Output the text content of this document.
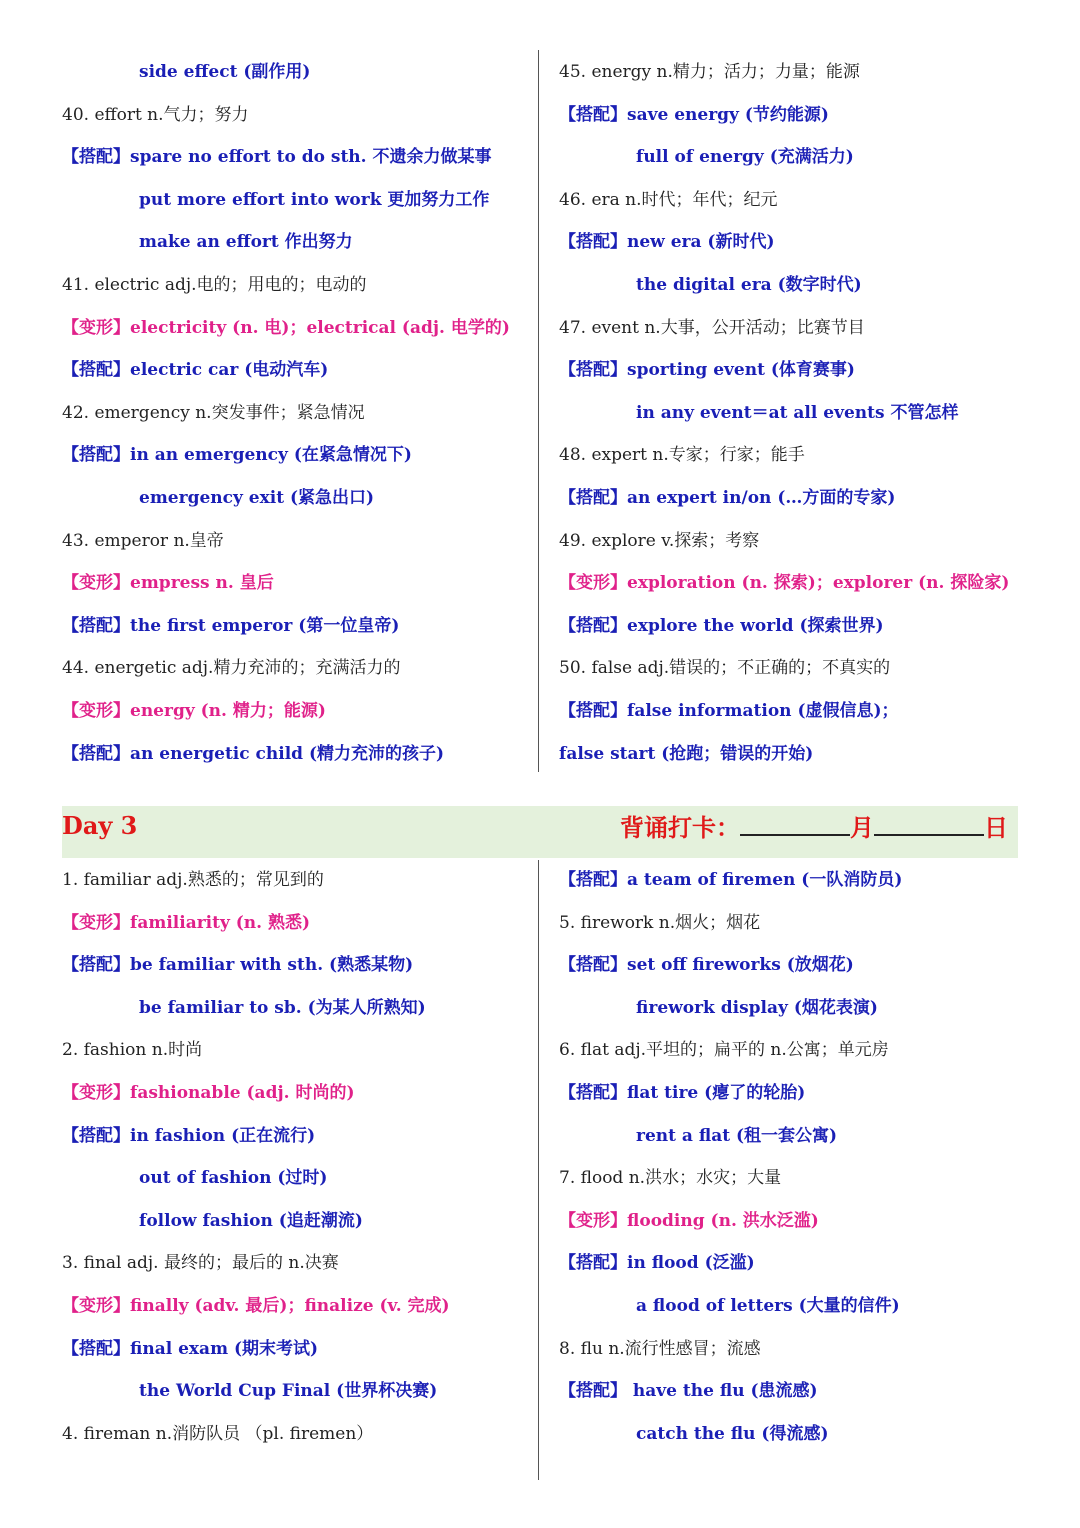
side effect (副作用)
40. effort n.气力；努力
【搭配】spare no effort to do sth. 不遗余力做某事
put more effort into work 更加努力工作
make an effort 作出努力
41. electric adj.电的；用电的；电动的
【变形】electricity (n. 电)；electrical (adj. 电学的)
【搭配】electric car (电动汽车)
42. emergency n.突发事件；紧急情况
【搭配】in an emergency (在紧急情况下)
emergency exit (紧急出口)
43. emperor n.皇帝
【变形】empress n. 皇后
【搭配】the first emperor (第一位皇帝)
44. energetic adj.精力充沛的；充满活力的
【变形】energy (n. 精力；能源)
【搭配】an energetic child (精力充沛的孩子)
45. energy n.精力；活力；力量；能源
【搭配】save energy (节约能源)
full of energy (充满活力)
46. era n.时代；年代；纪元
【搭配】new era (新时代)
the digital era (数字时代)
47. event n.大事，公开活动；比赛节目
【搭配】sporting event (体育赛事)
in any event＝at all events 不管怎样
48. expert n.专家；行家；能手
【搭配】an expert in/on (…方面的专家)
49. explore v.探索；考察
【变形】exploration (n. 探索)；explorer (n. 探险家)
【搭配】explore the world (探索世界)
50. false adj.错误的；不正确的；不真实的
【搭配】false information (虚假信息)；
false start (抢跑；错误的开始)
Day 3	背诵打卡：	月	日
1. familiar adj.熟悉的；常见到的
【变形】familiarity (n. 熟悉)
【搭配】be familiar with sth. (熟悉某物)
be familiar to sb. (为某人所熟知)
2. fashion n.时尚
【变形】fashionable (adj. 时尚的)
【搭配】in fashion (正在流行)
out of fashion (过时)
follow fashion (追赶潮流)
3. final adj. 最终的；最后的 n.决赛
【变形】finally (adv. 最后)；finalize (v. 完成)
【搭配】final exam (期末考试)
the World Cup Final (世界杯决赛)
4. fireman n.消防队员 （pl. firemen）
【搭配】a team of firemen (一队消防员)
5. firework n.烟火；烟花
【搭配】set off fireworks (放烟花)
firework display (烟花表演)
6. flat adj.平坦的；扁平的 n.公寓；单元房
【搭配】flat tire (瘪了的轮胎)
rent a flat (租一套公寓)
7. flood n.洪水；水灾；大量
【变形】flooding (n. 洪水泛滥)
【搭配】in flood (泛滥)
a flood of letters (大量的信件)
8. flu n.流行性感冒；流感
【搭配】 have the flu (患流感)
catch the flu (得流感)
